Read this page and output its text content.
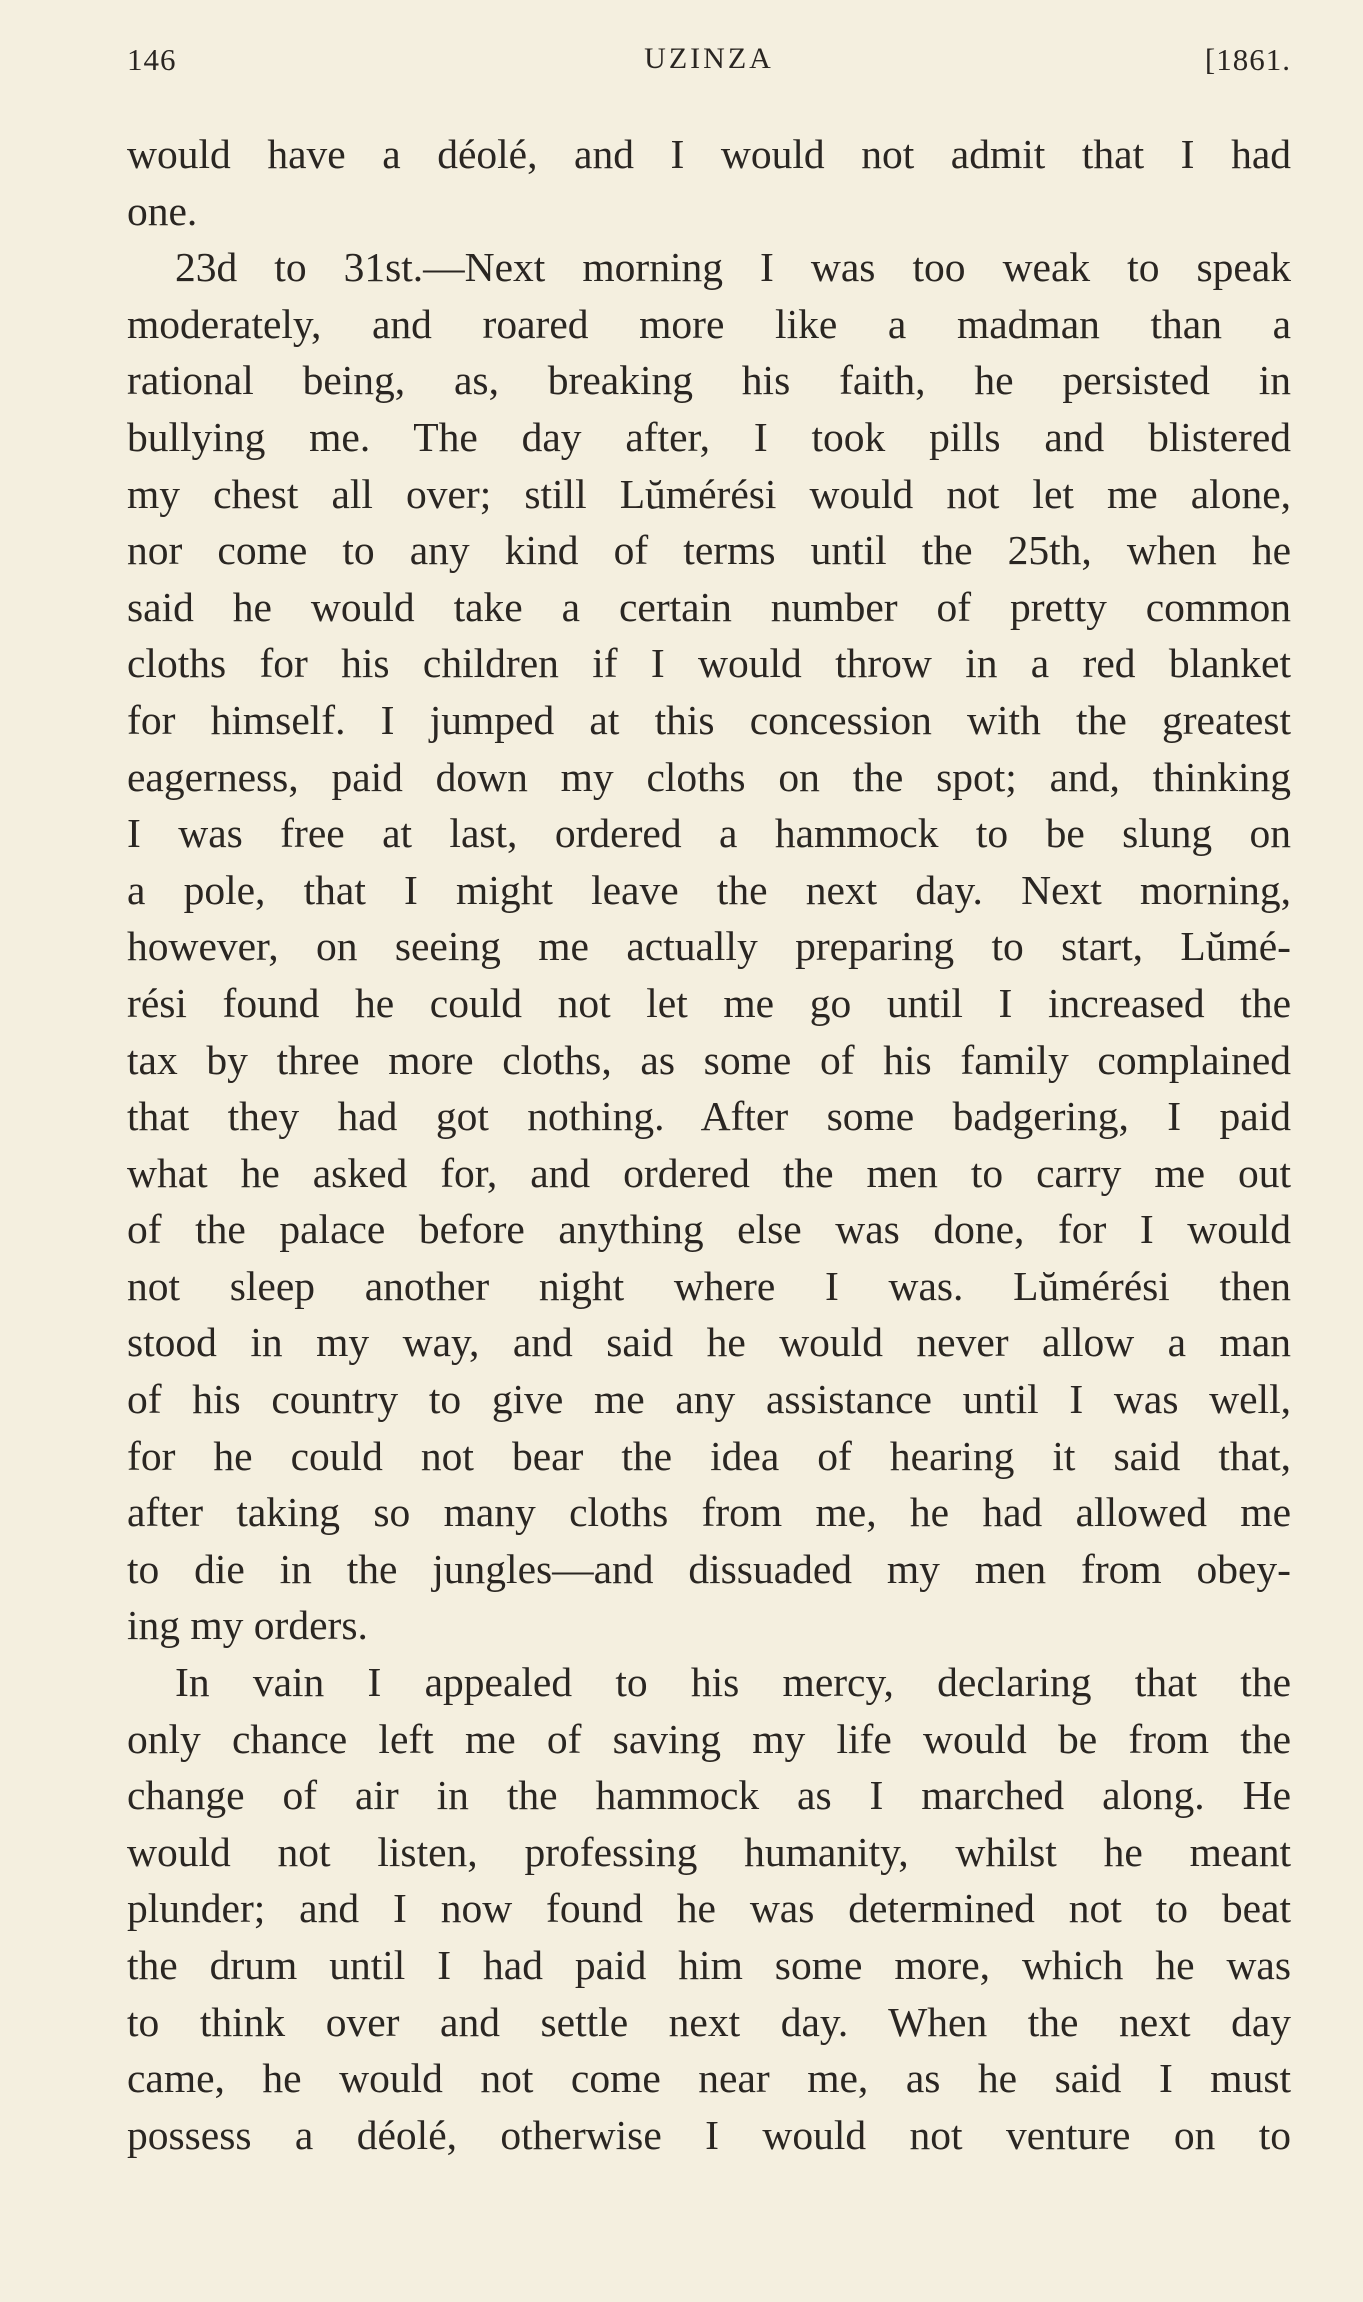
146	UZINZA	[1861.
would have a déolé, and I would not admit that I had
one.
23d to 31st.—Next morning I was too weak to speak
moderately, and roared more like a madman than a
rational being, as, breaking his faith, he persisted in
bullying me. The day after, I took pills and blistered
my chest all over; still Lŭmérési would not let me alone,
nor come to any kind of terms until the 25th, when he
said he would take a certain number of pretty common
cloths for his children if I would throw in a red blanket
for himself. I jumped at this concession with the greatest
eagerness, paid down my cloths on the spot; and, thinking
I was free at last, ordered a hammock to be slung on
a pole, that I might leave the next day. Next morning,
however, on seeing me actually preparing to start, Lŭmé-
rési found he could not let me go until I increased the
tax by three more cloths, as some of his family complained
that they had got nothing. After some badgering, I paid
what he asked for, and ordered the men to carry me out
of the palace before anything else was done, for I would
not sleep another night where I was. Lŭmérési then
stood in my way, and said he would never allow a man
of his country to give me any assistance until I was well,
for he could not bear the idea of hearing it said that,
after taking so many cloths from me, he had allowed me
to die in the jungles—and dissuaded my men from obey-
ing my orders.
In vain I appealed to his mercy, declaring that the
only chance left me of saving my life would be from the
change of air in the hammock as I marched along. He
would not listen, professing humanity, whilst he meant
plunder; and I now found he was determined not to beat
the drum until I had paid him some more, which he was
to think over and settle next day. When the next day
came, he would not come near me, as he said I must
possess a déolé, otherwise I would not venture on to
